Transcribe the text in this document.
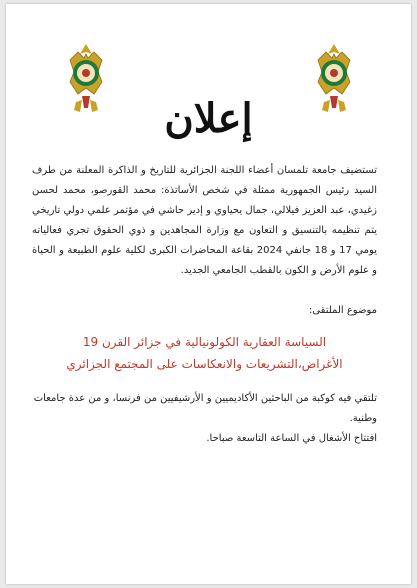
إعلان
تستضيف جامعة تلمسان أعضاء اللجنة الجزائرية للتاريخ و الذاكرة المعلنة من طرف السيد رئيس الجمهورية ممثلة في شخص الأساتذة: محمد القورصو، محمد لحسن زغيدي، عبد العزيز فيلالي، جمال يحياوي و إدير حاشي في مؤتمر علمي دولي تاريخي يتم تنظيمه بالتنسيق و التعاون مع وزارة المجاهدين و ذوي الحقوق تجري فعالياته يومي 17 و 18 جانفي 2024 بقاعة المحاضرات الكبرى لكلية علوم الطبيعة و الحياة و علوم الأرض و الكون بالقطب الجامعي الجديد.
موضوع الملتقى:

السياسة العقارية الكولونيالية في جزائر القرن 19

الأغراض،التشريعات والانعكاسات على المجتمع الجزائري

تلتقي فيه كوكبة من الباحثين الأكاديميين و الأرشيفيين من فرنسا، و من عدة جامعات وطنية.

افتتاح الأشغال في الساعة التاسعة صباحا.
